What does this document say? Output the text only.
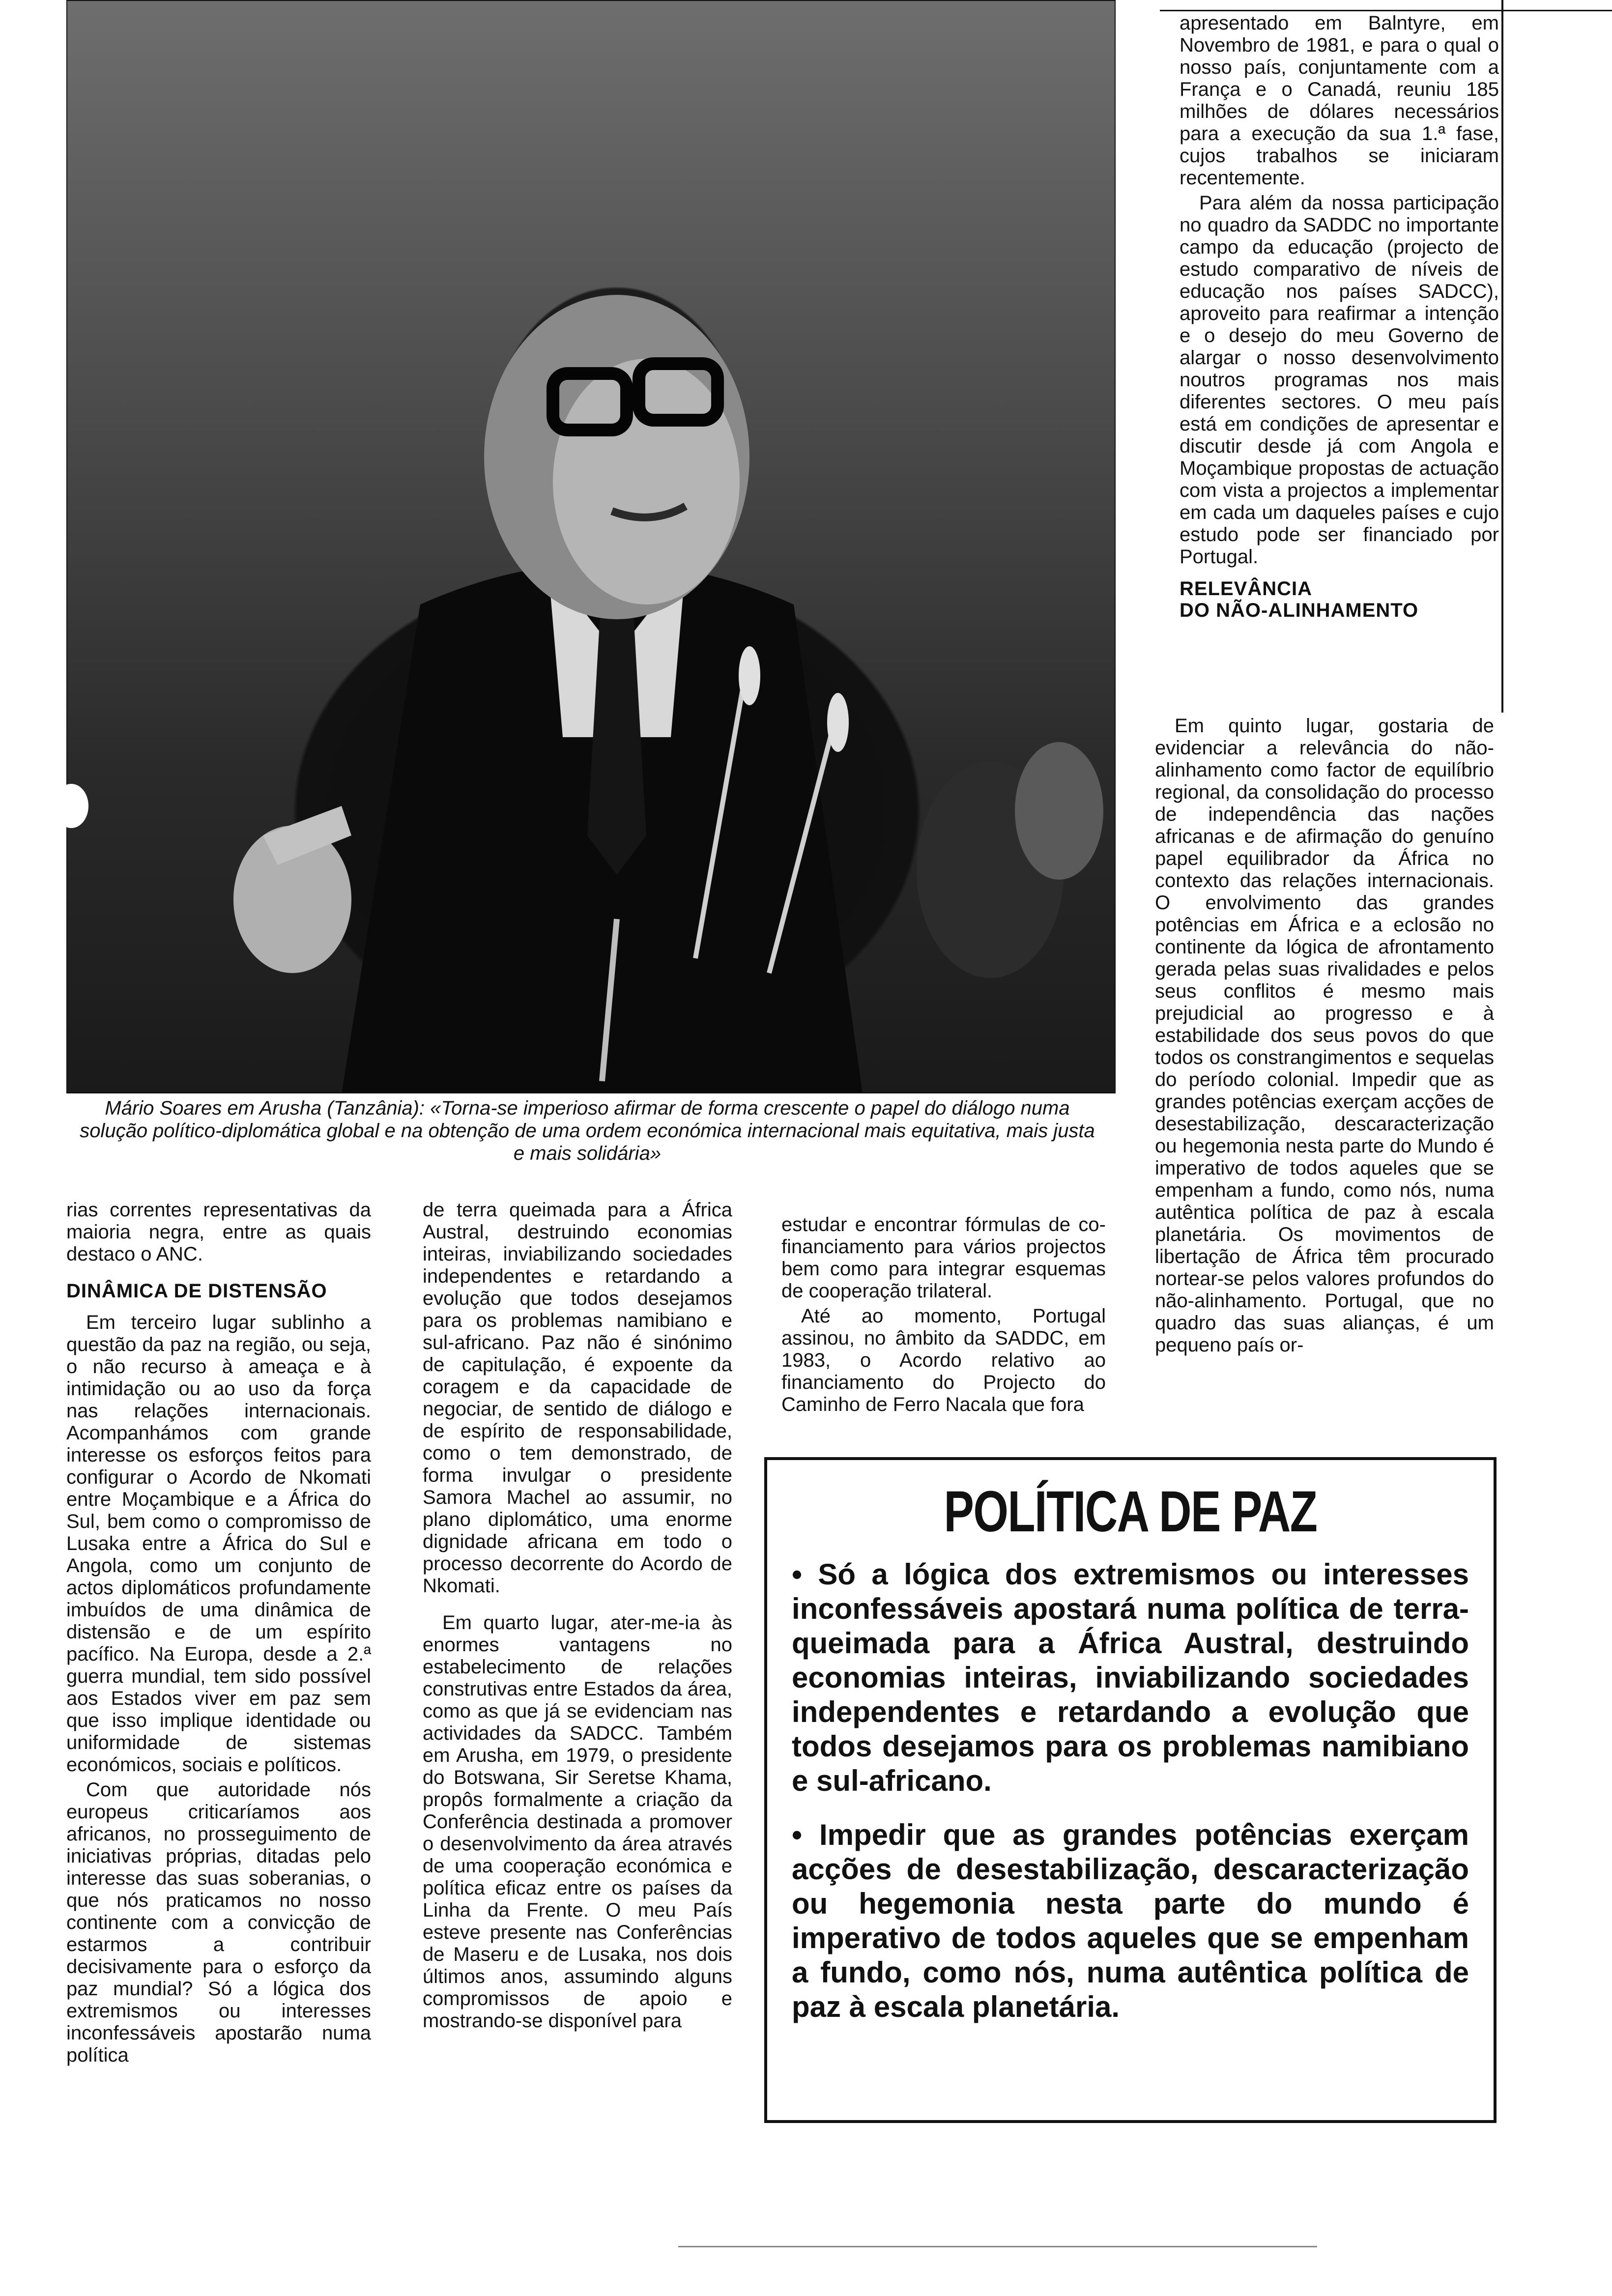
Mário Soares em Arusha (Tanzânia): «Torna-se imperioso afirmar de forma crescente o papel do diálogo numa solução político-diplomática global e na obtenção de uma ordem económica internacional mais equitativa, mais justa e mais solidária»

apresentado em Balntyre, em Novembro de 1981, e para o qual o nosso país, conjuntamente com a França e o Canadá, reuniu 185 milhões de dólares necessários para a execução da sua 1.ª fase, cujos trabalhos se iniciaram recentemente.

Para além da nossa participação no quadro da SADDC no importante campo da educação (projecto de estudo comparativo de níveis de educação nos países SADCC), aproveito para reafirmar a intenção e o desejo do meu Governo de alargar o nosso desenvolvimento noutros programas nos mais diferentes sectores. O meu país está em condições de apresentar e discutir desde já com Angola e Moçambique propostas de actuação com vista a projectos a implementar em cada um daqueles países e cujo estudo pode ser financiado por Portugal.

RELEVÂNCIA
DO NÃO-ALINHAMENTO

Em quinto lugar, gostaria de evidenciar a relevância do não-alinhamento como factor de equilíbrio regional, da consolidação do processo de independência das nações africanas e de afirmação do genuíno papel equilibrador da África no contexto das relações internacionais. O envolvimento das grandes potências em África e a eclosão no continente da lógica de afrontamento gerada pelas suas rivalidades e pelos seus conflitos é mesmo mais prejudicial ao progresso e à estabilidade dos seus povos do que todos os constrangimentos e sequelas do período colonial. Impedir que as grandes potências exerçam acções de desestabilização, descaracterização ou hegemonia nesta parte do Mundo é imperativo de todos aqueles que se empenham a fundo, como nós, numa autêntica política de paz à escala planetária. Os movimentos de libertação de África têm procurado nortear-se pelos valores profundos do não-alinhamento. Portugal, que no quadro das suas alianças, é um pequeno país or-

rias correntes representativas da maioria negra, entre as quais destaco o ANC.

DINÂMICA DE DISTENSÃO

Em terceiro lugar sublinho a questão da paz na região, ou seja, o não recurso à ameaça e à intimidação ou ao uso da força nas relações internacionais. Acompanhámos com grande interesse os esforços feitos para configurar o Acordo de Nkomati entre Moçambique e a África do Sul, bem como o compromisso de Lusaka entre a África do Sul e Angola, como um conjunto de actos diplomáticos profundamente imbuídos de uma dinâmica de distensão e de um espírito pacífico. Na Europa, desde a 2.ª guerra mundial, tem sido possível aos Estados viver em paz sem que isso implique identidade ou uniformidade de sistemas económicos, sociais e políticos.

Com que autoridade nós europeus criticaríamos aos africanos, no prosseguimento de iniciativas próprias, ditadas pelo interesse das suas soberanias, o que nós praticamos no nosso continente com a convicção de estarmos a contribuir decisivamente para o esforço da paz mundial? Só a lógica dos extremismos ou interesses inconfessáveis apostarão numa política

de terra queimada para a África Austral, destruindo economias inteiras, inviabilizando sociedades independentes e retardando a evolução que todos desejamos para os problemas namibiano e sul-africano. Paz não é sinónimo de capitulação, é expoente da coragem e da capacidade de negociar, de sentido de diálogo e de espírito de responsabilidade, como o tem demonstrado, de forma invulgar o presidente Samora Machel ao assumir, no plano diplomático, uma enorme dignidade africana em todo o processo decorrente do Acordo de Nkomati.

Em quarto lugar, ater-me-ia às enormes vantagens no estabelecimento de relações construtivas entre Estados da área, como as que já se evidenciam nas actividades da SADCC. Também em Arusha, em 1979, o presidente do Botswana, Sir Seretse Khama, propôs formalmente a criação da Conferência destinada a promover o desenvolvimento da área através de uma cooperação económica e política eficaz entre os países da Linha da Frente. O meu País esteve presente nas Conferências de Maseru e de Lusaka, nos dois últimos anos, assumindo alguns compromissos de apoio e mostrando-se disponível para

estudar e encontrar fórmulas de co-financiamento para vários projectos bem como para integrar esquemas de cooperação trilateral.

Até ao momento, Portugal assinou, no âmbito da SADDC, em 1983, o Acordo relativo ao financiamento do Projecto do Caminho de Ferro Nacala que fora

POLÍTICA DE PAZ

• Só a lógica dos extremismos ou interesses inconfessáveis apostará numa política de terra-queimada para a África Austral, destruindo economias inteiras, inviabilizando sociedades independentes e retardando a evolução que todos desejamos para os problemas namibiano e sul-africano.

• Impedir que as grandes potências exerçam acções de desestabilização, descaracterização ou hegemonia nesta parte do mundo é imperativo de todos aqueles que se empenham a fundo, como nós, numa autêntica política de paz à escala planetária.
